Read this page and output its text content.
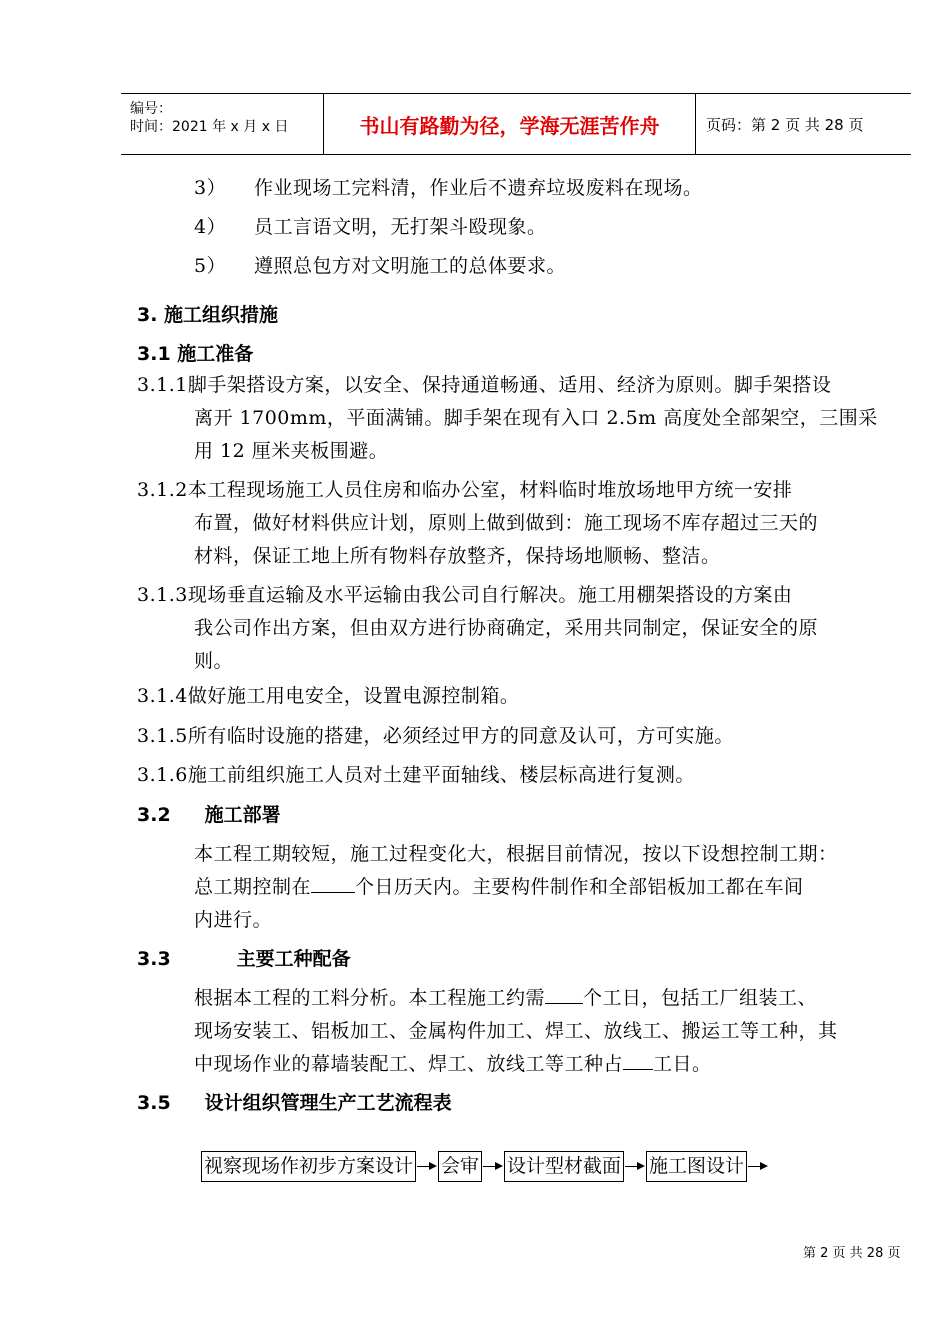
编号：
时间：2021 年 x 月 x 日	书山有路勤为径，学海无涯苦作舟	页码：第 2 页 共 28 页
3） 作业现场工完料清，作业后不遗弃垃圾废料在现场。
4） 员工言语文明，无打架斗殴现象。
5） 遵照总包方对文明施工的总体要求。
3. 施工组织措施
3.1 施工准备
3.1.1脚手架搭设方案，以安全、保持通道畅通、适用、经济为原则。脚手架搭设
离开 1700mm，平面满铺。脚手架在现有入口 2.5m 高度处全部架空，三围采
用 12 厘米夹板围避。
3.1.2本工程现场施工人员住房和临办公室，材料临时堆放场地甲方统一安排
布置，做好材料供应计划，原则上做到做到：施工现场不库存超过三天的
材料，保证工地上所有物料存放整齐，保持场地顺畅、整洁。
3.1.3现场垂直运输及水平运输由我公司自行解决。施工用棚架搭设的方案由
我公司作出方案，但由双方进行协商确定，采用共同制定，保证安全的原
则。
3.1.4做好施工用电安全，设置电源控制箱。
3.1.5所有临时设施的搭建，必须经过甲方的同意及认可，方可实施。
3.1.6施工前组织施工人员对土建平面轴线、楼层标高进行复测。
3.2 施工部署
本工程工期较短，施工过程变化大，根据目前情况，按以下设想控制工期：
总工期控制在 个日历天内。主要构件制作和全部铝板加工都在车间
内进行。
3.3	主要工种配备
根据本工程的工料分析。本工程施工约需 个工日，包括工厂组装工、
现场安装工、铝板加工、金属构件加工、焊工、放线工、搬运工等工种，其
中现场作业的幕墙装配工、焊工、放线工等工种占 工日。
3.5 设计组织管理生产工艺流程表
视察现场作初步方案设计 会审 设计型材截面 施工图设计
第 2 页 共 28 页
